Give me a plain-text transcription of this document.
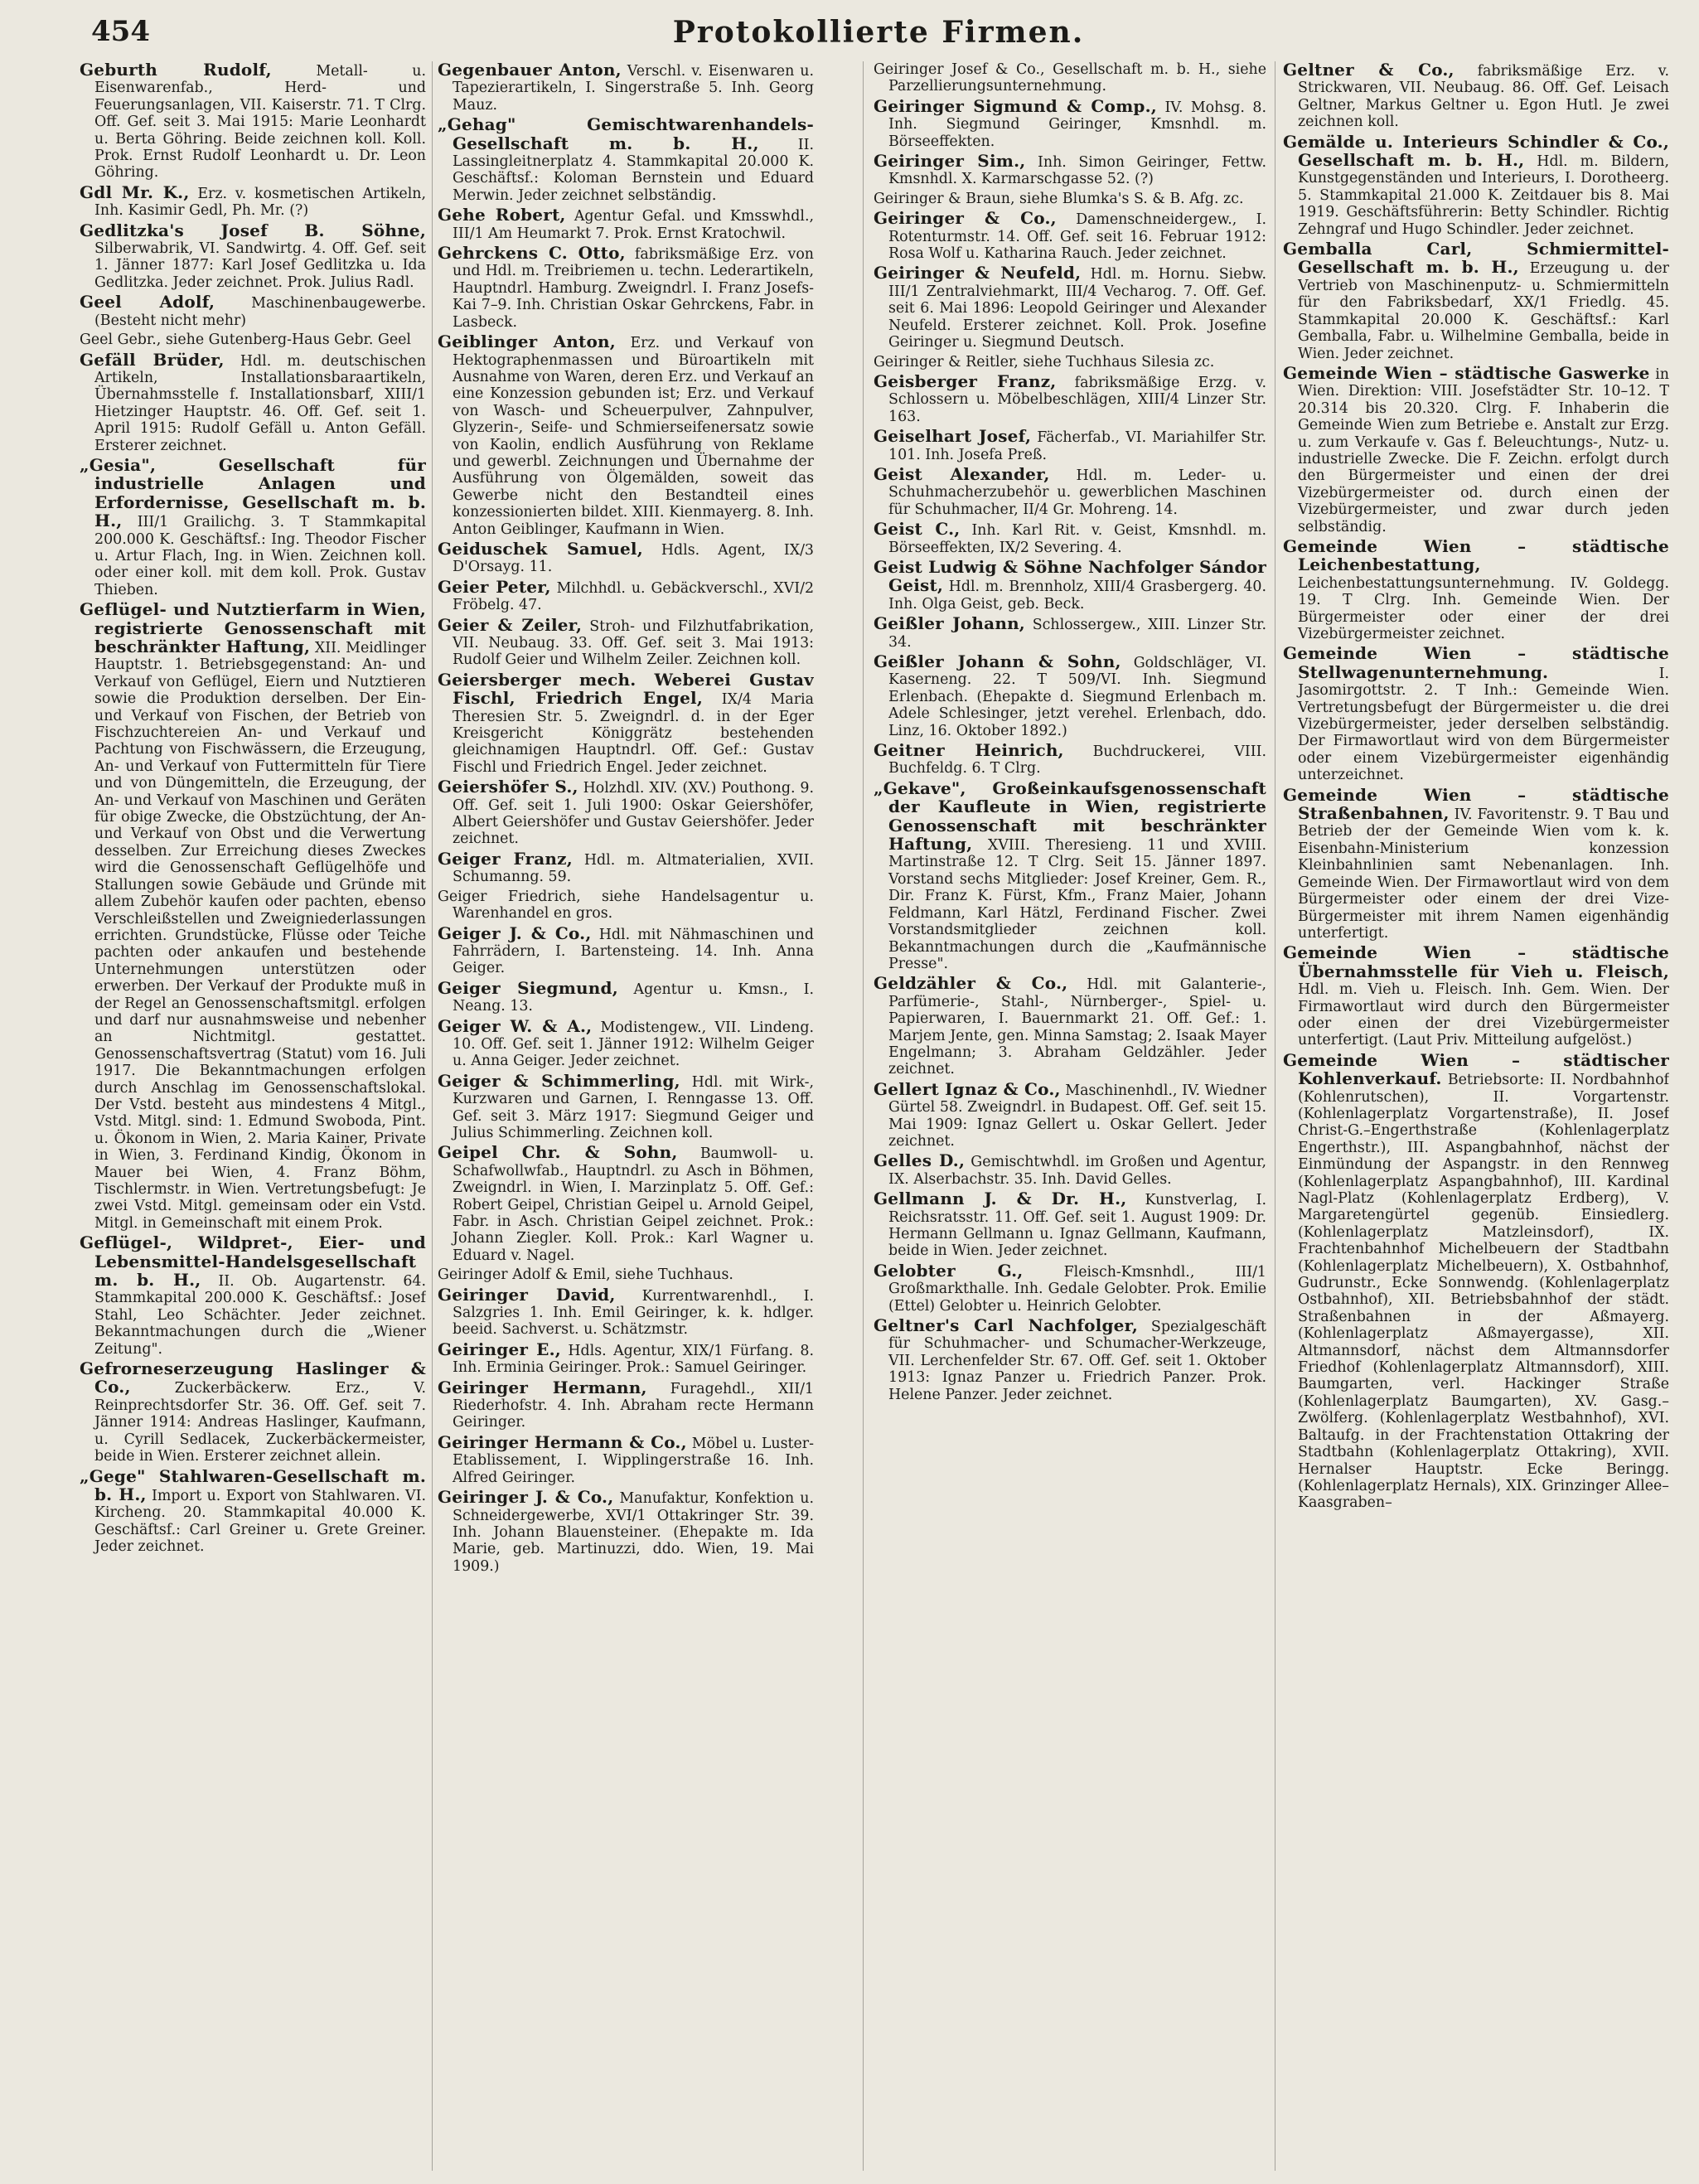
454	Protokollierte Firmen.

Geburth Rudolf,	Metall- u. Eisenwarenfab., Herd- und Feuerungsanlagen, VII. Kaiserstr. 71. T Clrg. Off. Gef. seit 3. Mai 1915: Marie Leonhardt u. Berta Göhring. Beide zeichnen koll. Koll. Prok. Ernst Rudolf Leonhardt u. Dr. Leon Göhring.

Gdl Mr. K., Erz. v. kosmetischen Artikeln, Inh. Kasimir Gedl, Ph. Mr. (?)

Gedlitzka's Josef B. Söhne, Silberwabrik, VI. Sandwirtg. 4. Off. Gef. seit 1. Jänner 1877: Karl Josef Gedlitzka u. Ida Gedlitzka. Jeder zeichnet. Prok. Julius Radl.

Geel Adolf,	Maschinenbaugewerbe. (Besteht nicht mehr)

Geel Gebr., siehe Gutenberg-Haus Gebr. Geel

Gefäll Brüder, Hdl. m. deutschischen Artikeln, Installationsbaraartikeln, Übernahmsstelle f. Installationsbarf, XIII/1 Hietzinger Hauptstr. 46. Off. Gef. seit 1. April 1915: Rudolf Gefäll u. Anton Gefäll. Ersterer zeichnet.

„Gesia", Gesellschaft für industrielle Anlagen und Erfordernisse, Gesellschaft m. b. H., III/1 Grailichg. 3. T Stammkapital 200.000 K. Geschäftsf.: Ing. Theodor Fischer u. Artur Flach, Ing. in Wien. Zeichnen koll. oder einer koll. mit dem koll. Prok. Gustav Thieben.

Geflügel- und Nutztierfarm in Wien, registrierte Genossenschaft mit beschränkter Haftung, XII. Meidlinger Hauptstr. 1. Betriebsgegenstand: An- und Verkauf von Geflügel, Eiern und Nutztieren sowie die Produktion derselben. Der Ein- und Verkauf von Fischen, der Betrieb von Fischzuchtereien An- und Verkauf und Pachtung von Fischwässern, die Erzeugung, An- und Verkauf von Futtermitteln für Tiere und von Düngemitteln, die Erzeugung, der An- und Verkauf von Maschinen und Geräten für obige Zwecke, die Obstzüchtung, der An- und Verkauf von Obst und die Verwertung desselben. Zur Erreichung dieses Zweckes wird die Genossenschaft Geflügelhöfe und Stallungen sowie Gebäude und Gründe mit allem Zubehör kaufen oder pachten, ebenso Verschleißstellen und Zweigniederlassungen errichten. Grundstücke, Flüsse oder Teiche pachten oder ankaufen und bestehende Unternehmungen unterstützen oder erwerben. Der Verkauf der Produkte muß in der Regel an Genossenschaftsmitgl. erfolgen und darf nur ausnahmsweise und nebenher an Nichtmitgl. gestattet. Genossenschaftsvertrag (Statut) vom 16. Juli 1917. Die Bekanntmachungen erfolgen durch Anschlag im Genossenschaftslokal. Der Vstd. besteht aus mindestens 4 Mitgl., Vstd. Mitgl. sind: 1. Edmund Swoboda, Pint. u. Ökonom in Wien, 2. Maria Kainer, Private in Wien, 3. Ferdinand Kindig, Ökonom in Mauer bei Wien, 4. Franz Böhm, Tischlermstr. in Wien. Vertretungsbefugt: Je zwei Vstd. Mitgl. gemeinsam oder ein Vstd. Mitgl. in Gemeinschaft mit einem Prok.

Geflügel-, Wildpret-, Eier- und Lebensmittel-Handelsgesellschaft m. b. H., II. Ob. Augartenstr. 64. Stammkapital 200.000 K. Geschäftsf.: Josef Stahl, Leo Schächter. Jeder zeichnet. Bekanntmachungen durch die „Wiener Zeitung".

Gefrorneserzeugung Haslinger & Co.,	Zuckerbäckerw. Erz., V. Reinprechtsdorfer Str. 36. Off. Gef. seit 7. Jänner 1914: Andreas Haslinger, Kaufmann, u. Cyrill Sedlacek, Zuckerbäckermeister, beide in Wien. Ersterer zeichnet allein.

„Gege" Stahlwaren-Gesellschaft m. b. H., Import u. Export von Stahlwaren. VI. Kircheng. 20. Stammkapital 40.000 K. Geschäftsf.: Carl Greiner u. Grete Greiner. Jeder zeichnet.

Gegenbauer Anton, Verschl. v. Eisenwaren u. Tapezierartikeln, I. Singerstraße 5. Inh. Georg Mauz.

„Gehag" Gemischtwarenhandels-Gesellschaft m. b. H.,	II. Lassingleitnerplatz 4. Stammkapital 20.000 K. Geschäftsf.: Koloman Bernstein und Eduard Merwin. Jeder zeichnet selbständig.

Gehe Robert, Agentur Gefal. und Kmsswhdl., III/1 Am Heumarkt 7. Prok. Ernst Kratochwil.

Gehrckens C. Otto, fabriksmäßige Erz. von und Hdl. m. Treibriemen u. techn. Lederartikeln, Hauptndrl. Hamburg. Zweigndrl. I. Franz Josefs-Kai 7–9. Inh. Christian Oskar Gehrckens, Fabr. in Lasbeck.

Geiblinger Anton, Erz. und Verkauf von Hektographenmassen und Büroartikeln mit Ausnahme von Waren, deren Erz. und Verkauf an eine Konzession gebunden ist; Erz. und Verkauf von Wasch- und Scheuerpulver, Zahnpulver, Glyzerin-, Seife- und Schmierseifenersatz sowie von Kaolin, endlich Ausführung von Reklame und gewerbl. Zeichnungen und Übernahme der Ausführung von Ölgemälden, soweit das Gewerbe nicht den Bestandteil eines konzessionierten bildet. XIII. Kienmayerg. 8. Inh. Anton Geiblinger, Kaufmann in Wien.

Geiduschek Samuel, Hdls. Agent, IX/3 D'Orsayg. 11.

Geier Peter, Milchhdl. u. Gebäckverschl., XVI/2 Fröbelg. 47.

Geier & Zeiler, Stroh- und Filzhutfabrikation, VII. Neubaug. 33. Off. Gef. seit 3. Mai 1913: Rudolf Geier und Wilhelm Zeiler. Zeichnen koll.

Geiersberger mech. Weberei Gustav Fischl, Friedrich Engel, IX/4 Maria Theresien Str. 5. Zweigndrl. d. in der Eger Kreisgericht Königgrätz bestehenden gleichnamigen Hauptndrl. Off. Gef.: Gustav Fischl und Friedrich Engel. Jeder zeichnet.

Geiershöfer S., Holzhdl. XIV. (XV.) Pouthong. 9. Off. Gef. seit 1. Juli 1900: Oskar Geiershöfer, Albert Geiershöfer und Gustav Geiershöfer. Jeder zeichnet.

Geiger Franz, Hdl. m. Altmaterialien, XVII. Schumanng. 59.

Geiger Friedrich, siehe Handelsagentur u. Warenhandel en gros.

Geiger J. & Co., Hdl. mit Nähmaschinen und Fahrrädern, I. Bartensteing. 14. Inh. Anna Geiger.

Geiger Siegmund, Agentur u. Kmsn., I. Neang. 13.

Geiger W. & A., Modistengew., VII. Lindeng. 10. Off. Gef. seit 1. Jänner 1912: Wilhelm Geiger u. Anna Geiger. Jeder zeichnet.

Geiger & Schimmerling, Hdl. mit Wirk-, Kurzwaren und Garnen, I. Renngasse 13. Off. Gef. seit 3. März 1917: Siegmund Geiger und Julius Schimmerling. Zeichnen koll.

Geipel Chr. & Sohn, Baumwoll- u. Schafwollwfab., Hauptndrl. zu Asch in Böhmen, Zweigndrl. in Wien, I. Marzinplatz 5. Off. Gef.: Robert Geipel, Christian Geipel u. Arnold Geipel, Fabr. in Asch. Christian Geipel zeichnet. Prok.: Johann Ziegler. Koll. Prok.: Karl Wagner u. Eduard v. Nagel.

Geiringer Adolf & Emil, siehe Tuchhaus.

Geiringer David, Kurrentwarenhdl., I. Salzgries 1. Inh. Emil Geiringer, k. k. hdlger. beeid. Sachverst. u. Schätzmstr.

Geiringer E., Hdls. Agentur, XIX/1 Fürfang. 8. Inh. Erminia Geiringer. Prok.: Samuel Geiringer.

Geiringer Hermann, Furagehdl., XII/1 Riederhofstr. 4. Inh. Abraham recte Hermann Geiringer.

Geiringer Hermann & Co., Möbel u. Luster-Etablissement, I. Wipplingerstraße 16. Inh. Alfred Geiringer.

Geiringer J. & Co., Manufaktur, Konfektion u. Schneidergewerbe, XVI/1 Ottakringer Str. 39. Inh. Johann Blauensteiner. (Ehepakte m. Ida Marie, geb. Martinuzzi, ddo. Wien, 19. Mai 1909.)

Geiringer Josef & Co., Gesellschaft m. b. H., siehe Parzellierungsunternehmung.

Geiringer Sigmund & Comp., IV. Mohsg. 8. Inh. Siegmund Geiringer, Kmsnhdl. m. Börseeffekten.

Geiringer Sim., Inh. Simon Geiringer, Fettw. Kmsnhdl. X. Karmarschgasse 52. (?)

Geiringer & Braun, siehe Blumka's S. & B. Afg. zc.

Geiringer & Co., Damenschneidergew., I. Rotenturmstr. 14. Off. Gef. seit 16. Februar 1912: Rosa Wolf u. Katharina Rauch. Jeder zeichnet.

Geiringer & Neufeld, Hdl. m. Hornu. Siebw. III/1 Zentralviehmarkt, III/4 Vecharog. 7. Off. Gef. seit 6. Mai 1896: Leopold Geiringer und Alexander Neufeld. Ersterer zeichnet. Koll. Prok. Josefine Geiringer u. Siegmund Deutsch.

Geiringer & Reitler, siehe Tuchhaus Silesia zc.

Geisberger Franz, fabriksmäßige Erzg. v. Schlossern u. Möbelbeschlägen, XIII/4 Linzer Str. 163.

Geiselhart Josef, Fächerfab., VI. Mariahilfer Str. 101. Inh. Josefa Preß.

Geist Alexander, Hdl. m. Leder- u. Schuhmacherzubehör u. gewerblichen Maschinen für Schuhmacher, II/4 Gr. Mohreng. 14.

Geist C., Inh. Karl Rit. v. Geist, Kmsnhdl. m. Börseeffekten, IX/2 Severing. 4.

Geist Ludwig & Söhne Nachfolger Sándor Geist, Hdl. m. Brennholz, XIII/4 Grasbergerg. 40. Inh. Olga Geist, geb. Beck.

Geißler Johann, Schlossergew., XIII. Linzer Str. 34.

Geißler Johann & Sohn, Goldschläger, VI. Kaserneng. 22. T 509/VI. Inh. Siegmund Erlenbach. (Ehepakte d. Siegmund Erlenbach m. Adele Schlesinger, jetzt verehel. Erlenbach, ddo. Linz, 16. Oktober 1892.)

Geitner Heinrich, Buchdruckerei, VIII. Buchfeldg. 6. T Clrg.

„Gekave", Großeinkaufsgenossenschaft der Kaufleute in Wien, registrierte Genossenschaft mit beschränkter Haftung, XVIII. Theresieng. 11 und XVIII. Martinstraße 12. T Clrg. Seit 15. Jänner 1897. Vorstand sechs Mitglieder: Josef Kreiner, Gem. R., Dir. Franz K. Fürst, Kfm., Franz Maier, Johann Feldmann, Karl Hätzl, Ferdinand Fischer. Zwei Vorstandsmitglieder zeichnen koll. Bekanntmachungen durch die „Kaufmännische Presse".

Geldzähler & Co., Hdl. mit Galanterie-, Parfümerie-, Stahl-, Nürnberger-, Spiel- u. Papierwaren, I. Bauernmarkt 21. Off. Gef.: 1. Marjem Jente, gen. Minna Samstag; 2. Isaak Mayer Engelmann; 3. Abraham Geldzähler. Jeder zeichnet.

Gellert Ignaz & Co., Maschinenhdl., IV. Wiedner Gürtel 58. Zweigndrl. in Budapest. Off. Gef. seit 15. Mai 1909: Ignaz Gellert u. Oskar Gellert. Jeder zeichnet.

Gelles D., Gemischtwhdl. im Großen und Agentur, IX. Alserbachstr. 35. Inh. David Gelles.

Gellmann J. & Dr. H., Kunstverlag, I. Reichsratsstr. 11. Off. Gef. seit 1. August 1909: Dr. Hermann Gellmann u. Ignaz Gellmann, Kaufmann, beide in Wien. Jeder zeichnet.

Gelobter G.,	Fleisch-Kmsnhdl., III/1 Großmarkthalle. Inh. Gedale Gelobter. Prok. Emilie (Ettel) Gelobter u. Heinrich Gelobter.

Geltner's Carl Nachfolger, Spezialgeschäft für Schuhmacher- und Schumacher-Werkzeuge, VII. Lerchenfelder Str. 67. Off. Gef. seit 1. Oktober 1913: Ignaz Panzer u. Friedrich Panzer. Prok. Helene Panzer. Jeder zeichnet.

Geltner & Co., fabriksmäßige Erz. v. Strickwaren, VII. Neubaug. 86. Off. Gef. Leisach Geltner, Markus Geltner u. Egon Hutl. Je zwei zeichnen koll.

Gemälde u. Interieurs Schindler & Co., Gesellschaft m. b. H., Hdl. m. Bildern, Kunstgegenständen und Interieurs, I. Dorotheerg. 5. Stammkapital 21.000 K. Zeitdauer bis 8. Mai 1919. Geschäftsführerin: Betty Schindler. Richtig Zehngraf und Hugo Schindler. Jeder zeichnet.

Gemballa Carl, Schmiermittel-Gesellschaft m. b. H., Erzeugung u. der Vertrieb von Maschinenputz- u. Schmiermitteln für den Fabriksbedarf, XX/1 Friedlg. 45. Stammkapital 20.000 K. Geschäftsf.: Karl Gemballa, Fabr. u. Wilhelmine Gemballa, beide in Wien. Jeder zeichnet.

Gemeinde Wien – städtische Gaswerke in Wien. Direktion: VIII. Josefstädter Str. 10–12. T 20.314 bis 20.320. Clrg. F. Inhaberin die Gemeinde Wien zum Betriebe e. Anstalt zur Erzg. u. zum Verkaufe v. Gas f. Beleuchtungs-, Nutz- u. industrielle Zwecke. Die F. Zeichn. erfolgt durch den Bürgermeister und einen der drei Vizebürgermeister od. durch einen der Vizebürgermeister, und zwar durch jeden selbständig.

Gemeinde Wien – städtische Leichenbestattung, Leichenbestattungsunternehmung. IV. Goldegg. 19. T Clrg. Inh. Gemeinde Wien. Der Bürgermeister oder einer der drei Vizebürgermeister zeichnet.

Gemeinde Wien – städtische Stellwagenunternehmung.	I. Jasomirgottstr. 2. T Inh.: Gemeinde Wien. Vertretungsbefugt der Bürgermeister u. die drei Vizebürgermeister, jeder derselben selbständig. Der Firmawortlaut wird von dem Bürgermeister oder einem Vizebürgermeister eigenhändig unterzeichnet.

Gemeinde Wien – städtische Straßenbahnen, IV. Favoritenstr. 9. T Bau und Betrieb der der Gemeinde Wien vom k. k. Eisenbahn-Ministerium konzession Kleinbahnlinien samt Nebenanlagen. Inh. Gemeinde Wien. Der Firmawortlaut wird von dem Bürgermeister oder einem der drei Vize-Bürgermeister mit ihrem Namen eigenhändig unterfertigt.

Gemeinde Wien – städtische Übernahmsstelle für Vieh u. Fleisch, Hdl. m. Vieh u. Fleisch. Inh. Gem. Wien. Der Firmawortlaut wird durch den Bürgermeister oder einen der drei Vizebürgermeister unterfertigt. (Laut Priv. Mitteilung aufgelöst.)

Gemeinde Wien – städtischer Kohlenverkauf. Betriebsorte: II. Nordbahnhof (Kohlenrutschen), II. Vorgartenstr. (Kohlenlagerplatz Vorgartenstraße), II. Josef Christ-G.–Engerthstraße (Kohlenlagerplatz Engerthstr.), III. Aspangbahnhof, nächst der Einmündung der Aspangstr. in den Rennweg (Kohlenlagerplatz Aspangbahnhof), III. Kardinal Nagl-Platz (Kohlenlagerplatz Erdberg), V. Margaretengürtel gegenüb. Einsiedlerg. (Kohlenlagerplatz Matzleinsdorf), IX. Frachtenbahnhof Michelbeuern der Stadtbahn (Kohlenlagerplatz Michelbeuern), X. Ostbahnhof, Gudrunstr., Ecke Sonnwendg. (Kohlenlagerplatz Ostbahnhof), XII. Betriebsbahnhof der städt. Straßenbahnen in der Aßmayerg. (Kohlenlagerplatz Aßmayergasse), XII. Altmannsdorf, nächst dem Altmannsdorfer Friedhof (Kohlenlagerplatz Altmannsdorf), XIII. Baumgarten, verl. Hackinger Straße (Kohlenlagerplatz Baumgarten), XV. Gasg.–Zwölferg. (Kohlenlagerplatz Westbahnhof), XVI. Baltaufg. in der Frachtenstation Ottakring der Stadtbahn (Kohlenlagerplatz Ottakring), XVII. Hernalser Hauptstr. Ecke Beringg. (Kohlenlagerplatz Hernals), XIX. Grinzinger Allee–Kaasgraben–
